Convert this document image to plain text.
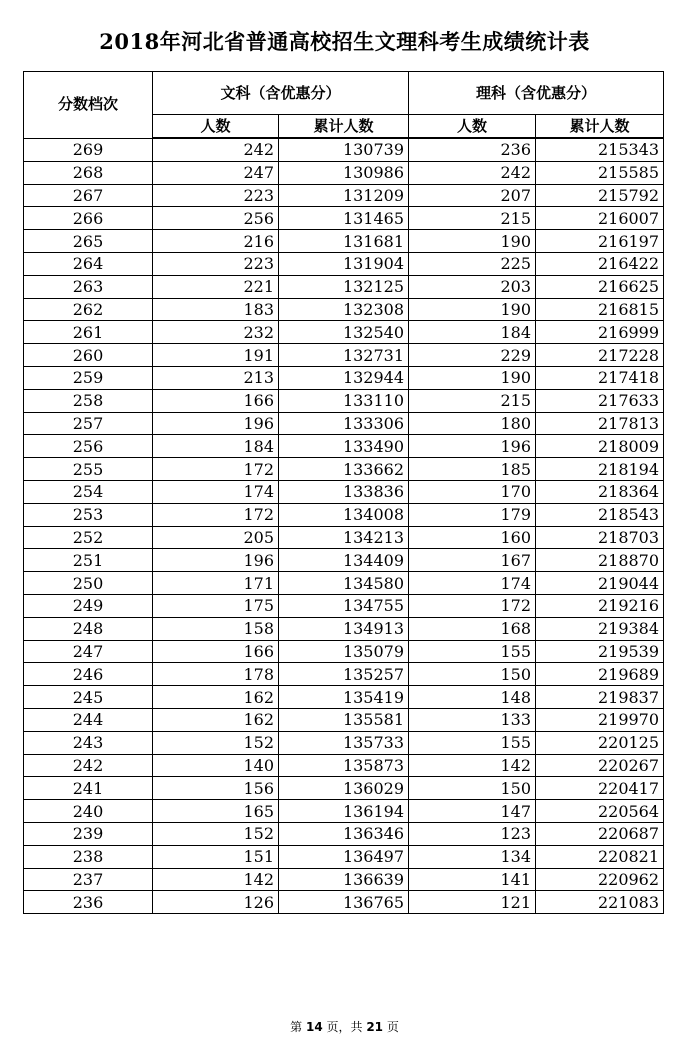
2018年河北省普通高校招生文理科考生成绩统计表
分数档次	文科（含优惠分）		理科（含优惠分）	
	人数	累计人数	人数	累计人数
269	242	130739	236	215343
268	247	130986	242	215585
267	223	131209	207	215792
266	256	131465	215	216007
265	216	131681	190	216197
264	223	131904	225	216422
263	221	132125	203	216625
262	183	132308	190	216815
261	232	132540	184	216999
260	191	132731	229	217228
259	213	132944	190	217418
258	166	133110	215	217633
257	196	133306	180	217813
256	184	133490	196	218009
255	172	133662	185	218194
254	174	133836	170	218364
253	172	134008	179	218543
252	205	134213	160	218703
251	196	134409	167	218870
250	171	134580	174	219044
249	175	134755	172	219216
248	158	134913	168	219384
247	166	135079	155	219539
246	178	135257	150	219689
245	162	135419	148	219837
244	162	135581	133	219970
243	152	135733	155	220125
242	140	135873	142	220267
241	156	136029	150	220417
240	165	136194	147	220564
239	152	136346	123	220687
238	151	136497	134	220821
237	142	136639	141	220962
236	126	136765	121	221083
第 14 页，共 21 页
